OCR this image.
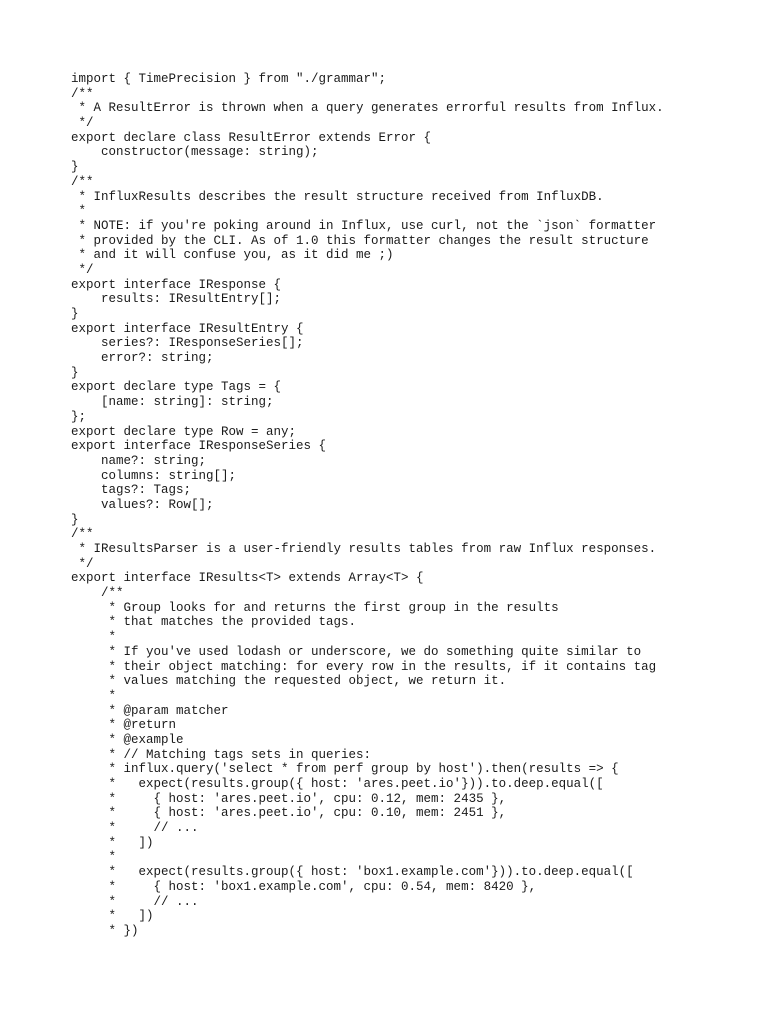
import { TimePrecision } from "./grammar";
/**
* A ResultError is thrown when a query generates errorful results from Influx.
*/
export declare class ResultError extends Error {
constructor(message: string);
}
/**
* InfluxResults describes the result structure received from InfluxDB.
*
* NOTE: if you're poking around in Influx, use curl, not the `json` formatter
* provided by the CLI. As of 1.0 this formatter changes the result structure
* and it will confuse you, as it did me ;)
*/
export interface IResponse {
results: IResultEntry[];
}
export interface IResultEntry {
series?: IResponseSeries[];
error?: string;
}
export declare type Tags = {
[name: string]: string;
};
export declare type Row = any;
export interface IResponseSeries {
name?: string;
columns: string[];
tags?: Tags;
values?: Row[];
}
/**
* IResultsParser is a user-friendly results tables from raw Influx responses.
*/
export interface IResults<T> extends Array<T> {
/**
* Group looks for and returns the first group in the results
* that matches the provided tags.
*
* If you've used lodash or underscore, we do something quite similar to
* their object matching: for every row in the results, if it contains tag
* values matching the requested object, we return it.
*
* @param matcher
* @return
* @example
* // Matching tags sets in queries:
* influx.query('select * from perf group by host').then(results => {
*   expect(results.group({ host: 'ares.peet.io'})).to.deep.equal([
*     { host: 'ares.peet.io', cpu: 0.12, mem: 2435 },
*     { host: 'ares.peet.io', cpu: 0.10, mem: 2451 },
*     // ...
*   ])
*
*   expect(results.group({ host: 'box1.example.com'})).to.deep.equal([
*     { host: 'box1.example.com', cpu: 0.54, mem: 8420 },
*     // ...
*   ])
* })
